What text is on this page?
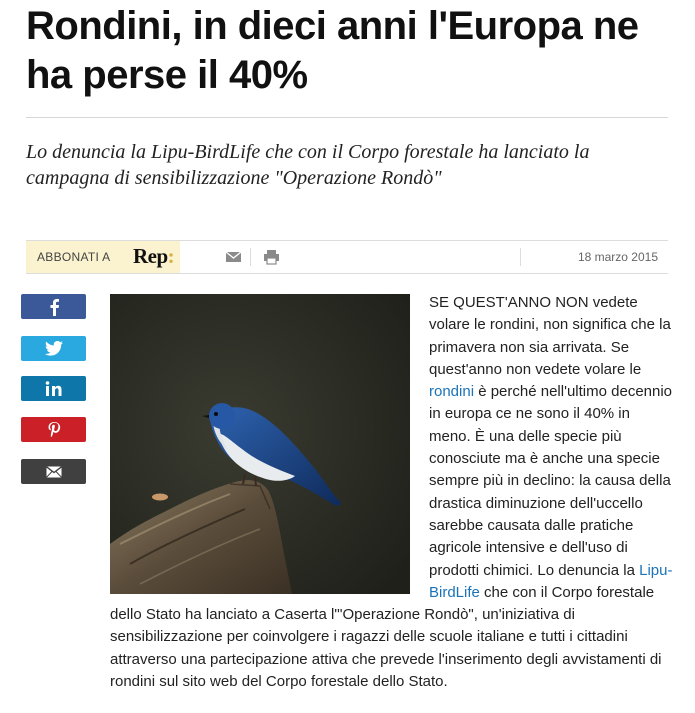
Rondini, in dieci anni l'Europa ne ha perse il 40%

Lo denuncia la Lipu-BirdLife che con il Corpo forestale ha lanciato la campagna di sensibilizzazione "Operazione Rondò"

ABBONATI A Rep:	18 marzo 2015
SE QUEST'ANNO NON vedete volare le rondini, non significa che la primavera non sia arrivata. Se quest'anno non vedete volare le rondini è perché nell'ultimo decennio in europa ce ne sono il 40% in meno. È una delle specie più conosciute ma è anche una specie sempre più in declino: la causa della drastica diminuzione dell'uccello sarebbe causata dalle pratiche agricole intensive e dell'uso di prodotti chimici. Lo denuncia la Lipu-BirdLife che con il Corpo forestale dello Stato ha lanciato a Caserta l'"Operazione Rondò", un'iniziativa di sensibilizzazione per coinvolgere i ragazzi delle scuole italiane e tutti i cittadini attraverso una partecipazione attiva che prevede l'inserimento degli avvistamenti di rondini sul sito web del Corpo forestale dello Stato.
